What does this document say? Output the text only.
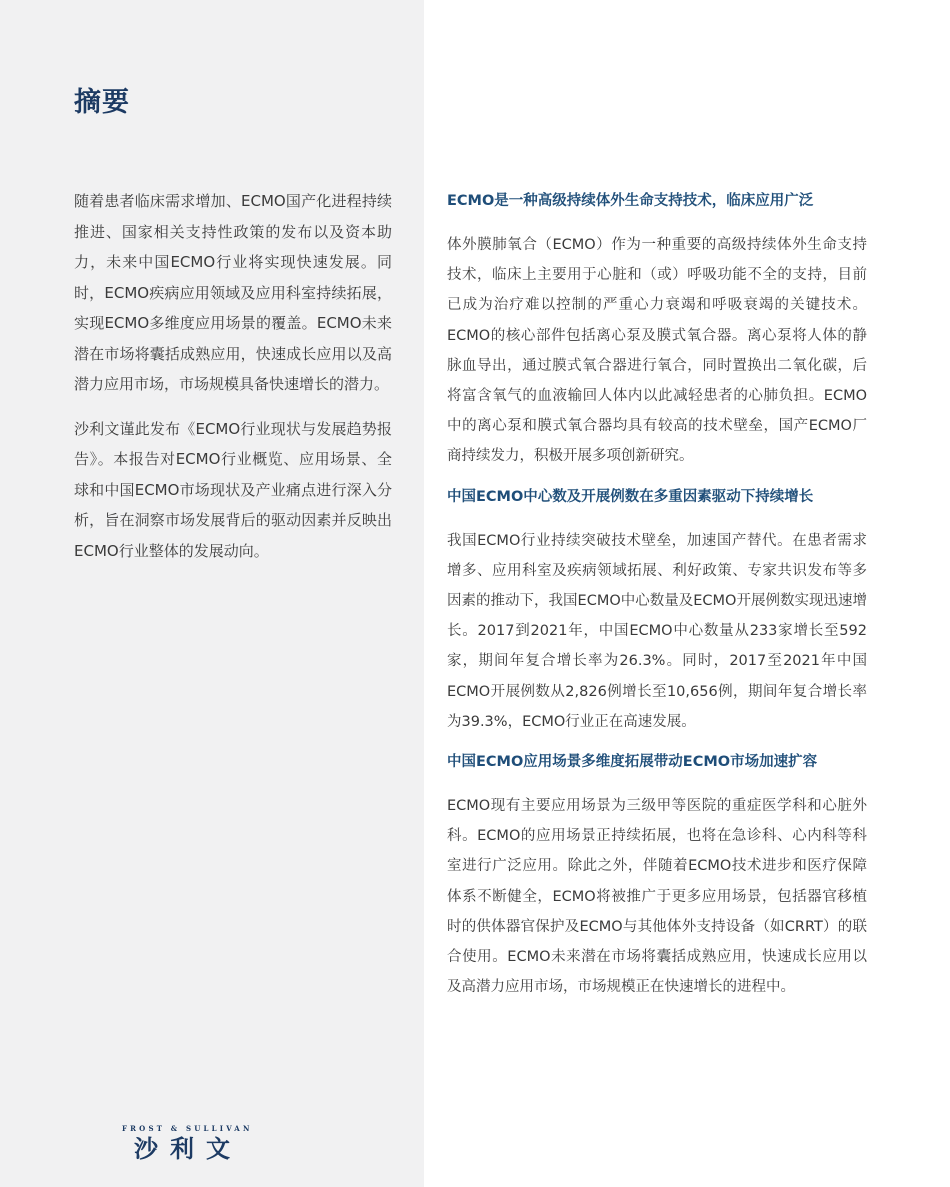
摘要

随着患者临床需求增加、ECMO国产化进程持续推进、国家相关支持性政策的发布以及资本助力，未来中国ECMO行业将实现快速发展。同时，ECMO疾病应用领域及应用科室持续拓展，实现ECMO多维度应用场景的覆盖。ECMO未来潜在市场将囊括成熟应用，快速成长应用以及高潜力应用市场，市场规模具备快速增长的潜力。

沙利文谨此发布《ECMO行业现状与发展趋势报告》。本报告对ECMO行业概览、应用场景、全球和中国ECMO市场现状及产业痛点进行深入分析，旨在洞察市场发展背后的驱动因素并反映出ECMO行业整体的发展动向。

ECMO是一种高级持续体外生命支持技术，临床应用广泛

体外膜肺氧合（ECMO）作为一种重要的高级持续体外生命支持技术，临床上主要用于心脏和（或）呼吸功能不全的支持，目前已成为治疗难以控制的严重心力衰竭和呼吸衰竭的关键技术。ECMO的核心部件包括离心泵及膜式氧合器。离心泵将人体的静脉血导出，通过膜式氧合器进行氧合，同时置换出二氧化碳，后将富含氧气的血液输回人体内以此减轻患者的心肺负担。ECMO中的离心泵和膜式氧合器均具有较高的技术壁垒，国产ECMO厂商持续发力，积极开展多项创新研究。

中国ECMO中心数及开展例数在多重因素驱动下持续增长

我国ECMO行业持续突破技术壁垒，加速国产替代。在患者需求增多、应用科室及疾病领域拓展、利好政策、专家共识发布等多因素的推动下，我国ECMO中心数量及ECMO开展例数实现迅速增长。2017到2021年，中国ECMO中心数量从233家增长至592家，期间年复合增长率为26.3%。同时，2017至2021年中国ECMO开展例数从2,826例增长至10,656例，期间年复合增长率为39.3%，ECMO行业正在高速发展。

中国ECMO应用场景多维度拓展带动ECMO市场加速扩容

ECMO现有主要应用场景为三级甲等医院的重症医学科和心脏外科。ECMO的应用场景正持续拓展，也将在急诊科、心内科等科室进行广泛应用。除此之外，伴随着ECMO技术进步和医疗保障体系不断健全，ECMO将被推广于更多应用场景，包括器官移植时的供体器官保护及ECMO与其他体外支持设备（如CRRT）的联合使用。ECMO未来潜在市场将囊括成熟应用，快速成长应用以及高潜力应用市场，市场规模正在快速增长的进程中。

FROST & SULLIVAN
沙利文
